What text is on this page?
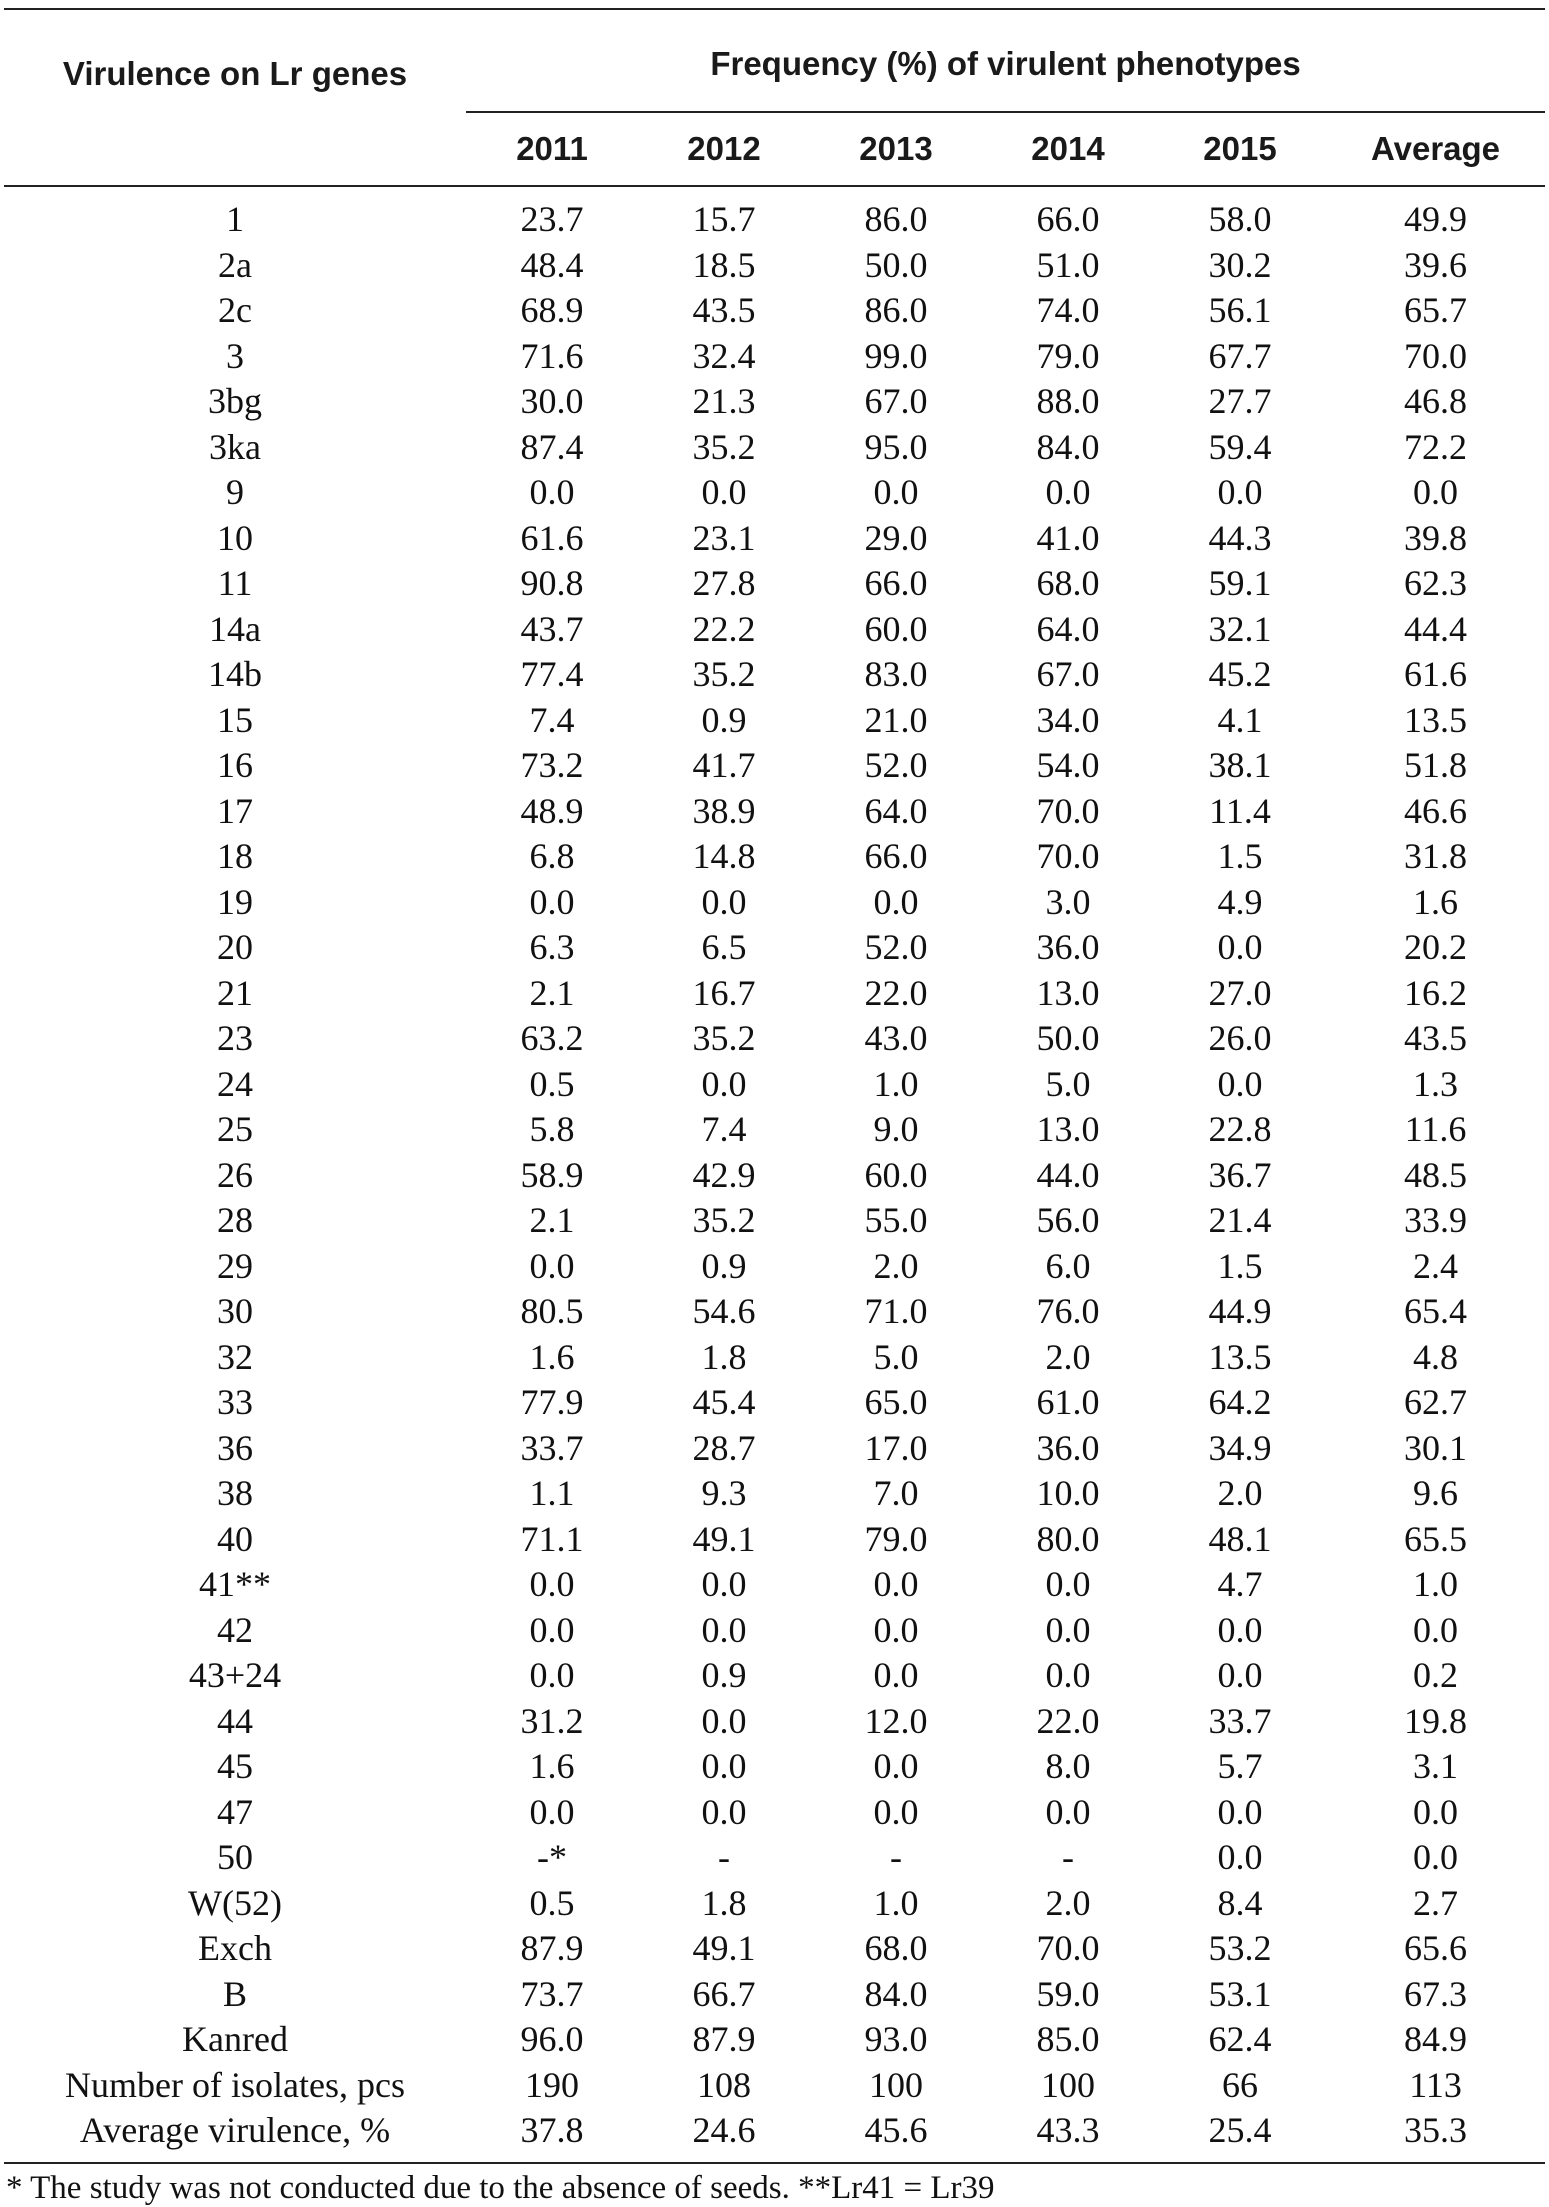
Virulence on Lr genes	Frequency (%) of virulent phenotypes					
	2011	2012	2013	2014	2015	Average
1	23.7	15.7	86.0	66.0	58.0	49.9
2a	48.4	18.5	50.0	51.0	30.2	39.6
2c	68.9	43.5	86.0	74.0	56.1	65.7
3	71.6	32.4	99.0	79.0	67.7	70.0
3bg	30.0	21.3	67.0	88.0	27.7	46.8
3ka	87.4	35.2	95.0	84.0	59.4	72.2
9	0.0	0.0	0.0	0.0	0.0	0.0
10	61.6	23.1	29.0	41.0	44.3	39.8
11	90.8	27.8	66.0	68.0	59.1	62.3
14a	43.7	22.2	60.0	64.0	32.1	44.4
14b	77.4	35.2	83.0	67.0	45.2	61.6
15	7.4	0.9	21.0	34.0	4.1	13.5
16	73.2	41.7	52.0	54.0	38.1	51.8
17	48.9	38.9	64.0	70.0	11.4	46.6
18	6.8	14.8	66.0	70.0	1.5	31.8
19	0.0	0.0	0.0	3.0	4.9	1.6
20	6.3	6.5	52.0	36.0	0.0	20.2
21	2.1	16.7	22.0	13.0	27.0	16.2
23	63.2	35.2	43.0	50.0	26.0	43.5
24	0.5	0.0	1.0	5.0	0.0	1.3
25	5.8	7.4	9.0	13.0	22.8	11.6
26	58.9	42.9	60.0	44.0	36.7	48.5
28	2.1	35.2	55.0	56.0	21.4	33.9
29	0.0	0.9	2.0	6.0	1.5	2.4
30	80.5	54.6	71.0	76.0	44.9	65.4
32	1.6	1.8	5.0	2.0	13.5	4.8
33	77.9	45.4	65.0	61.0	64.2	62.7
36	33.7	28.7	17.0	36.0	34.9	30.1
38	1.1	9.3	7.0	10.0	2.0	9.6
40	71.1	49.1	79.0	80.0	48.1	65.5
41**	0.0	0.0	0.0	0.0	4.7	1.0
42	0.0	0.0	0.0	0.0	0.0	0.0
43+24	0.0	0.9	0.0	0.0	0.0	0.2
44	31.2	0.0	12.0	22.0	33.7	19.8
45	1.6	0.0	0.0	8.0	5.7	3.1
47	0.0	0.0	0.0	0.0	0.0	0.0
50	-*	-	-	-	0.0	0.0
W(52)	0.5	1.8	1.0	2.0	8.4	2.7
Exch	87.9	49.1	68.0	70.0	53.2	65.6
B	73.7	66.7	84.0	59.0	53.1	67.3
Kanred	96.0	87.9	93.0	85.0	62.4	84.9
Number of isolates, pcs	190	108	100	100	66	113
Average virulence, %	37.8	24.6	45.6	43.3	25.4	35.3
* The study was not conducted due to the absence of seeds. **Lr41 = Lr39
